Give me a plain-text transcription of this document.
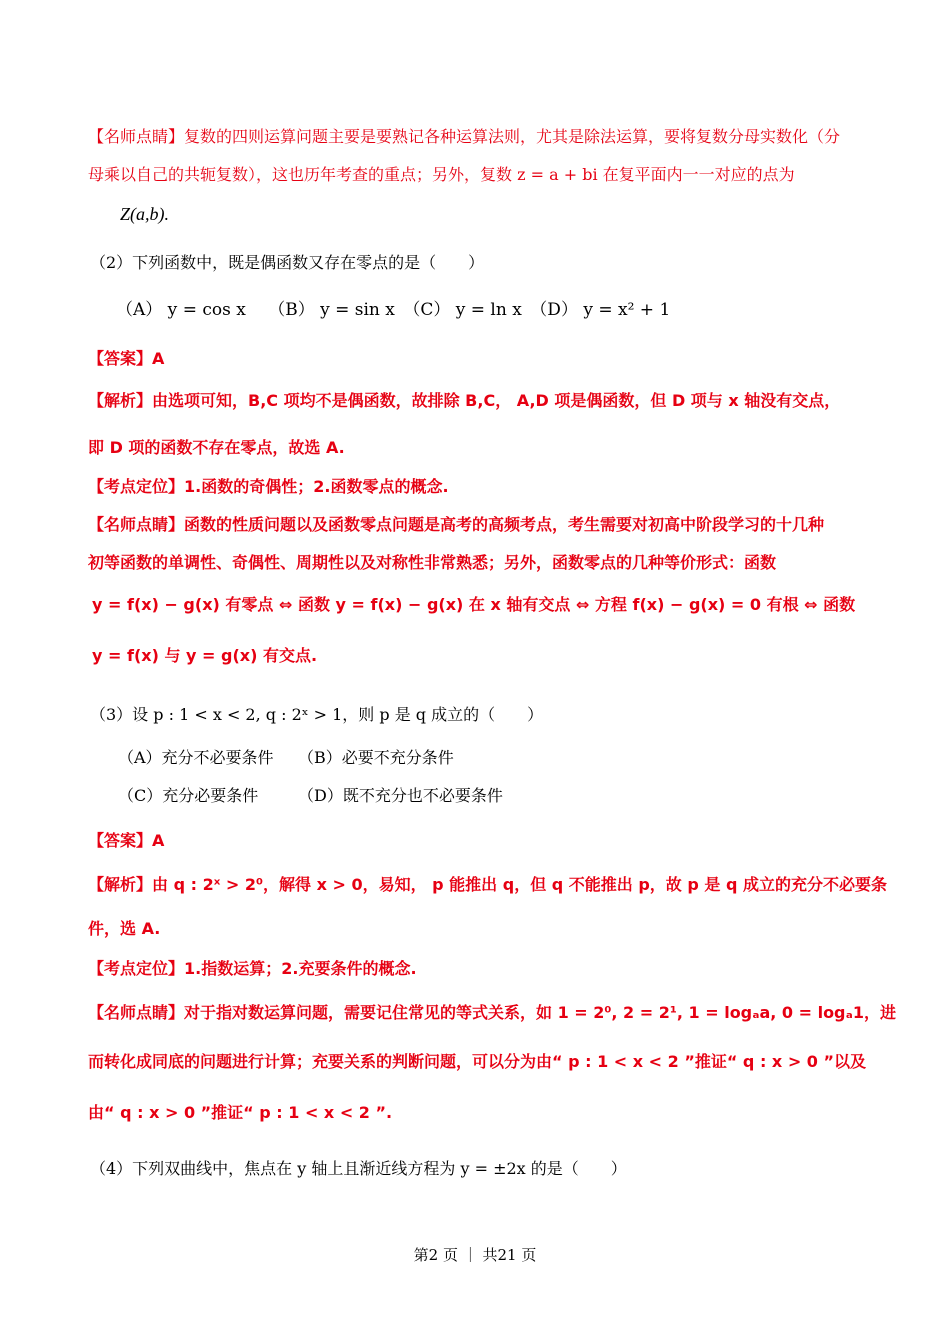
【名师点睛】复数的四则运算问题主要是要熟记各种运算法则，尤其是除法运算，要将复数分母实数化（分
母乘以自己的共轭复数），这也历年考查的重点；另外，复数 z = a + bi 在复平面内一一对应的点为
Z(a,b).
（2）下列函数中，既是偶函数又存在零点的是（　　）
（A） y = cos x　 （B） y = sin x　（C） y = ln x　（D） y = x² + 1
【答案】A
【解析】由选项可知，B,C 项均不是偶函数，故排除 B,C， A,D 项是偶函数，但 D 项与 x 轴没有交点，
即 D 项的函数不存在零点，故选 A.
【考点定位】1.函数的奇偶性；2.函数零点的概念.
【名师点睛】函数的性质问题以及函数零点问题是高考的高频考点，考生需要对初高中阶段学习的十几种
初等函数的单调性、奇偶性、周期性以及对称性非常熟悉；另外，函数零点的几种等价形式：函数
y = f(x) − g(x) 有零点 ⇔ 函数 y = f(x) − g(x) 在 x 轴有交点 ⇔ 方程 f(x) − g(x) = 0 有根 ⇔ 函数
y = f(x) 与 y = g(x) 有交点.
（3）设 p : 1 < x < 2, q : 2ˣ > 1，则 p 是 q 成立的（　　）
（A）充分不必要条件 （B）必要不充分条件
（C）充分必要条件 （D）既不充分也不必要条件
【答案】A
【解析】由 q : 2ˣ > 2⁰，解得 x > 0，易知， p 能推出 q，但 q 不能推出 p，故 p 是 q 成立的充分不必要条
件，选 A.
【考点定位】1.指数运算；2.充要条件的概念.
【名师点睛】对于指对数运算问题，需要记住常见的等式关系，如 1 = 2⁰, 2 = 2¹, 1 = logₐa, 0 = logₐ1，进
而转化成同底的问题进行计算；充要关系的判断问题，可以分为由“ p : 1 < x < 2 ”推证“ q : x > 0 ”以及
由“ q : x > 0 ”推证“ p : 1 < x < 2 ”.
（4）下列双曲线中，焦点在 y 轴上且渐近线方程为 y = ±2x 的是（　　）
第2 页 ｜ 共21 页
